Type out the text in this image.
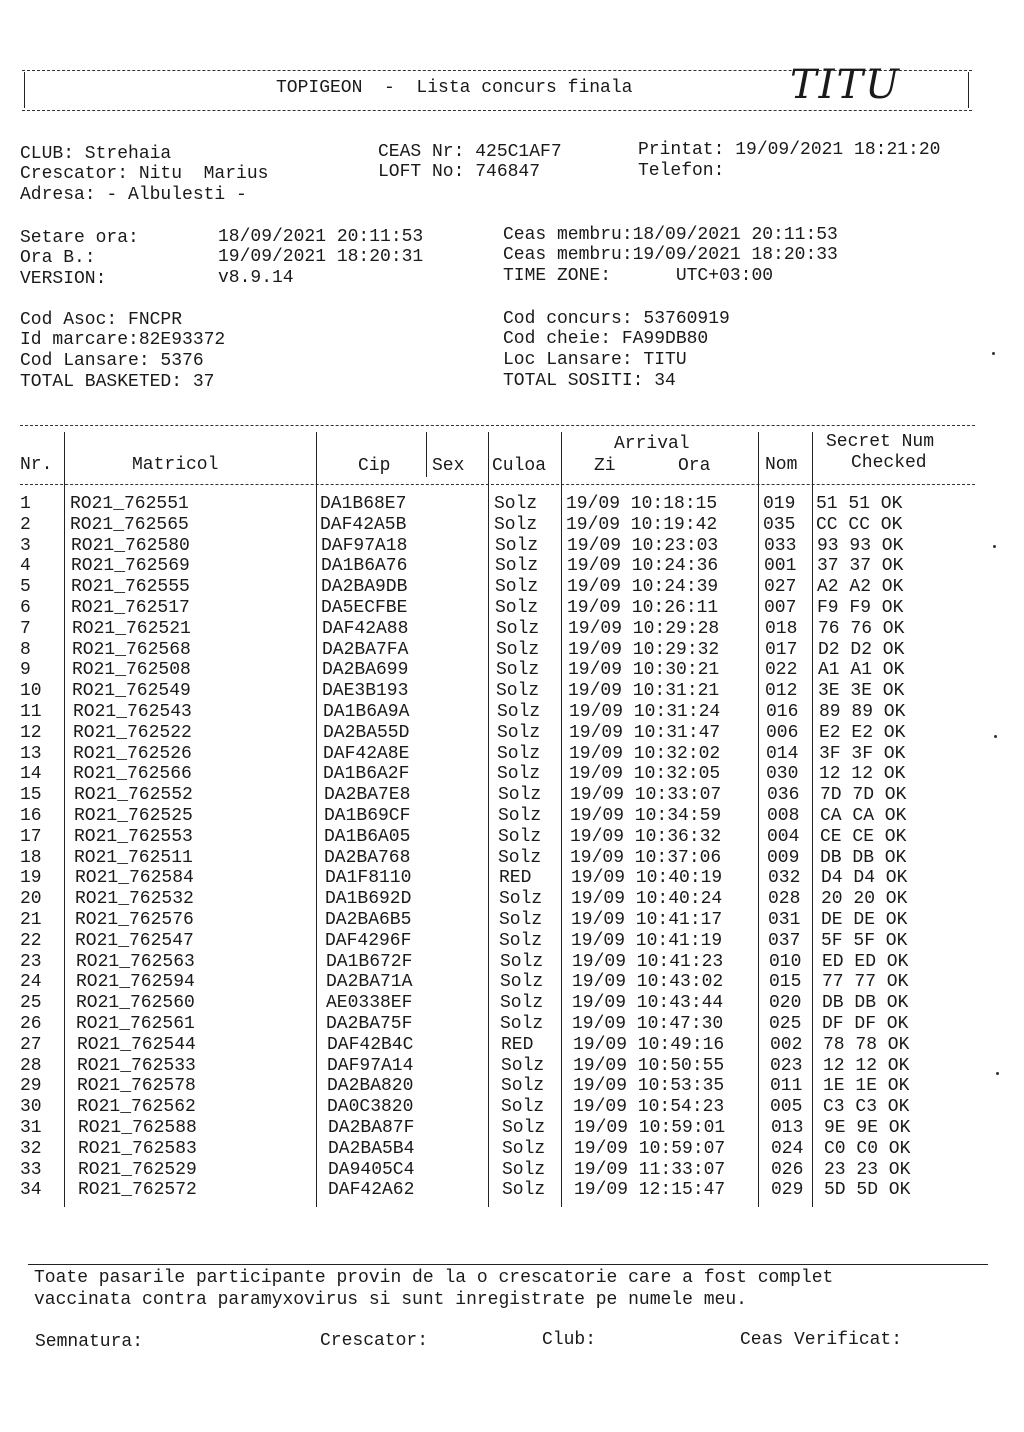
TOPIGEON  -  Lista concurs finala	TITU
CLUB: Strehaia
Crescator: Nitu  Marius
Adresa: - Albulesti -
CEAS Nr: 425C1AF7
LOFT No: 746847
Printat: 19/09/2021 18:21:20
Telefon:
Setare ora:	18/09/2021 20:11:53
Ora B.:	19/09/2021 18:20:31
VERSION:	v8.9.14
Ceas membru:18/09/2021 20:11:53
Ceas membru:19/09/2021 18:20:33
TIME ZONE:      UTC+03:00
Cod Asoc: FNCPR
Id marcare:82E93372
Cod Lansare: 5376
TOTAL BASKETED: 37
Cod concurs: 53760919
Cod cheie: FA99DB80
Loc Lansare: TITU
TOTAL SOSITI: 34
Nr.	Matricol	Cip Sex Culoa
Arrival
Zi	Ora	Nom
Secret Num
Checked
1 RO21_762551	DA1B68E7	Solz 19/09 10:18:15	019 51 51 OK
2 RO21_762565	DAF42A5B	Solz 19/09 10:19:42	035 CC CC OK
3 RO21_762580	DAF97A18	Solz 19/09 10:23:03	033 93 93 OK
4 RO21_762569	DA1B6A76	Solz 19/09 10:24:36	001 37 37 OK
5 RO21_762555	DA2BA9DB	Solz 19/09 10:24:39	027 A2 A2 OK
6 RO21_762517	DA5ECFBE	Solz 19/09 10:26:11	007 F9 F9 OK
7 RO21_762521	DAF42A88	Solz 19/09 10:29:28	018 76 76 OK
8 RO21_762568	DA2BA7FA	Solz 19/09 10:29:32	017 D2 D2 OK
9 RO21_762508	DA2BA699	Solz 19/09 10:30:21	022 A1 A1 OK
10 RO21_762549	DAE3B193	Solz 19/09 10:31:21	012 3E 3E OK
11 RO21_762543	DA1B6A9A	Solz 19/09 10:31:24	016 89 89 OK
12 RO21_762522	DA2BA55D	Solz 19/09 10:31:47	006 E2 E2 OK
13 RO21_762526	DAF42A8E	Solz 19/09 10:32:02	014 3F 3F OK
14 RO21_762566	DA1B6A2F	Solz 19/09 10:32:05	030 12 12 OK
15 RO21_762552	DA2BA7E8	Solz 19/09 10:33:07	036 7D 7D OK
16 RO21_762525	DA1B69CF	Solz 19/09 10:34:59	008 CA CA OK
17 RO21_762553	DA1B6A05	Solz 19/09 10:36:32	004 CE CE OK
18 RO21_762511	DA2BA768	Solz 19/09 10:37:06	009 DB DB OK
19 RO21_762584	DA1F8110	RED 19/09 10:40:19	032 D4 D4 OK
20 RO21_762532	DA1B692D	Solz 19/09 10:40:24	028 20 20 OK
21 RO21_762576	DA2BA6B5	Solz 19/09 10:41:17	031 DE DE OK
22 RO21_762547	DAF4296F	Solz 19/09 10:41:19	037 5F 5F OK
23 RO21_762563	DA1B672F	Solz 19/09 10:41:23	010 ED ED OK
24 RO21_762594	DA2BA71A	Solz 19/09 10:43:02	015 77 77 OK
25 RO21_762560	AE0338EF	Solz 19/09 10:43:44	020 DB DB OK
26 RO21_762561	DA2BA75F	Solz 19/09 10:47:30	025 DF DF OK
27 RO21_762544	DAF42B4C	RED 19/09 10:49:16	002 78 78 OK
28 RO21_762533	DAF97A14	Solz 19/09 10:50:55	023 12 12 OK
29 RO21_762578	DA2BA820	Solz 19/09 10:53:35	011 1E 1E OK
30 RO21_762562	DA0C3820	Solz 19/09 10:54:23	005 C3 C3 OK
31 RO21_762588	DA2BA87F	Solz 19/09 10:59:01	013 9E 9E OK
32 RO21_762583	DA2BA5B4	Solz 19/09 10:59:07	024 C0 C0 OK
33 RO21_762529	DA9405C4	Solz 19/09 11:33:07	026 23 23 OK
34 RO21_762572	DAF42A62	Solz 19/09 12:15:47	029 5D 5D OK
Toate pasarile participante provin de la o crescatorie care a fost complet
vaccinata contra paramyxovirus si sunt inregistrate pe numele meu.
Semnatura:	Crescator:	Club:	Ceas Verificat:
